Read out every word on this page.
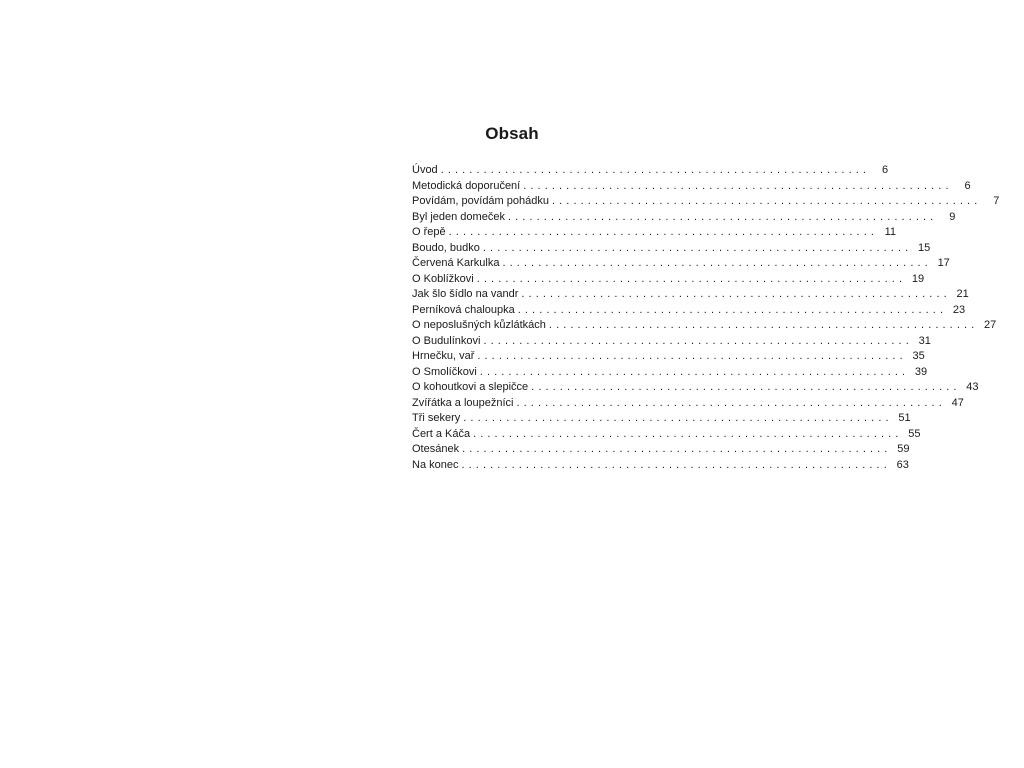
Obsah
Úvod ............................................................	6
Metodická doporučení ............................................................	6
Povídám, povídám pohádku ............................................................	7
Byl jeden domeček ............................................................	9
O řepě ............................................................ 11
Boudo, budko ............................................................ 15
Červená Karkulka ............................................................ 17
O Koblížkovi ............................................................ 19
Jak šlo šídlo na vandr ............................................................ 21
Perníková chaloupka ............................................................ 23
O neposlušných kůzlátkách ............................................................ 27
O Budulínkovi ............................................................ 31
Hrnečku, vař ............................................................ 35
O Smolíčkovi ............................................................ 39
O kohoutkovi a slepičce ............................................................ 43
Zvířátka a loupežníci ............................................................ 47
Tři sekery ............................................................ 51
Čert a Káča ............................................................ 55
Otesánek ............................................................ 59
Na konec ............................................................ 63
